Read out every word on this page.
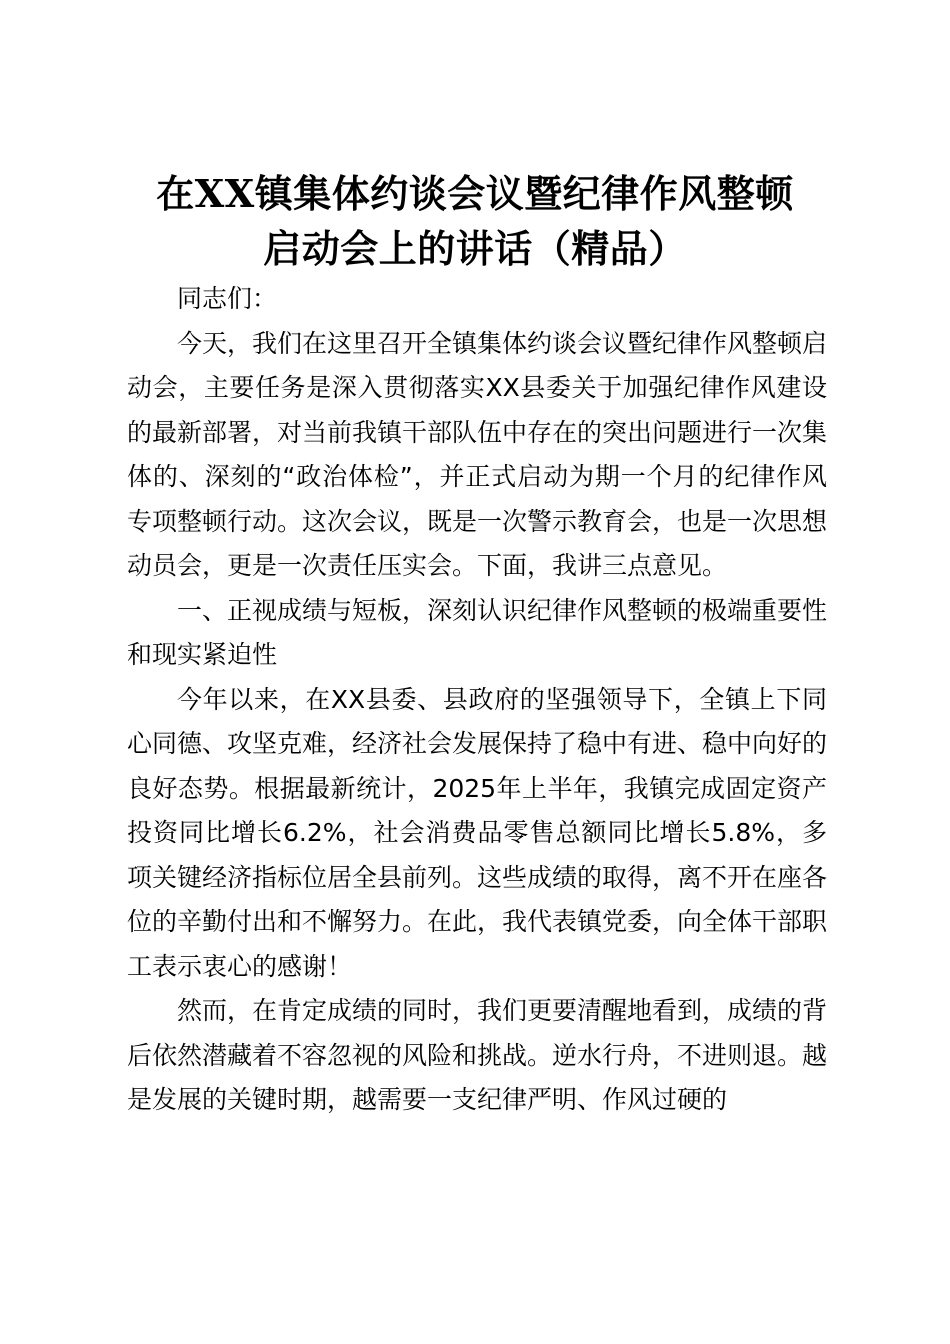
在XX镇集体约谈会议暨纪律作风整顿
启动会上的讲话（精品）

同志们：

今天，我们在这里召开全镇集体约谈会议暨纪律作风整顿启动会，主要任务是深入贯彻落实XX县委关于加强纪律作风建设的最新部署，对当前我镇干部队伍中存在的突出问题进行一次集体的、深刻的“政治体检”，并正式启动为期一个月的纪律作风专项整顿行动。这次会议，既是一次警示教育会，也是一次思想动员会，更是一次责任压实会。下面，我讲三点意见。

一、正视成绩与短板，深刻认识纪律作风整顿的极端重要性和现实紧迫性

今年以来，在XX县委、县政府的坚强领导下，全镇上下同心同德、攻坚克难，经济社会发展保持了稳中有进、稳中向好的良好态势。根据最新统计，2025年上半年，我镇完成固定资产投资同比增长6.2%，社会消费品零售总额同比增长5.8%，多项关键经济指标位居全县前列。这些成绩的取得，离不开在座各位的辛勤付出和不懈努力。在此，我代表镇党委，向全体干部职工表示衷心的感谢！

然而，在肯定成绩的同时，我们更要清醒地看到，成绩的背后依然潜藏着不容忽视的风险和挑战。逆水行舟，不进则退。越是发展的关键时期，越需要一支纪律严明、作风过硬的
